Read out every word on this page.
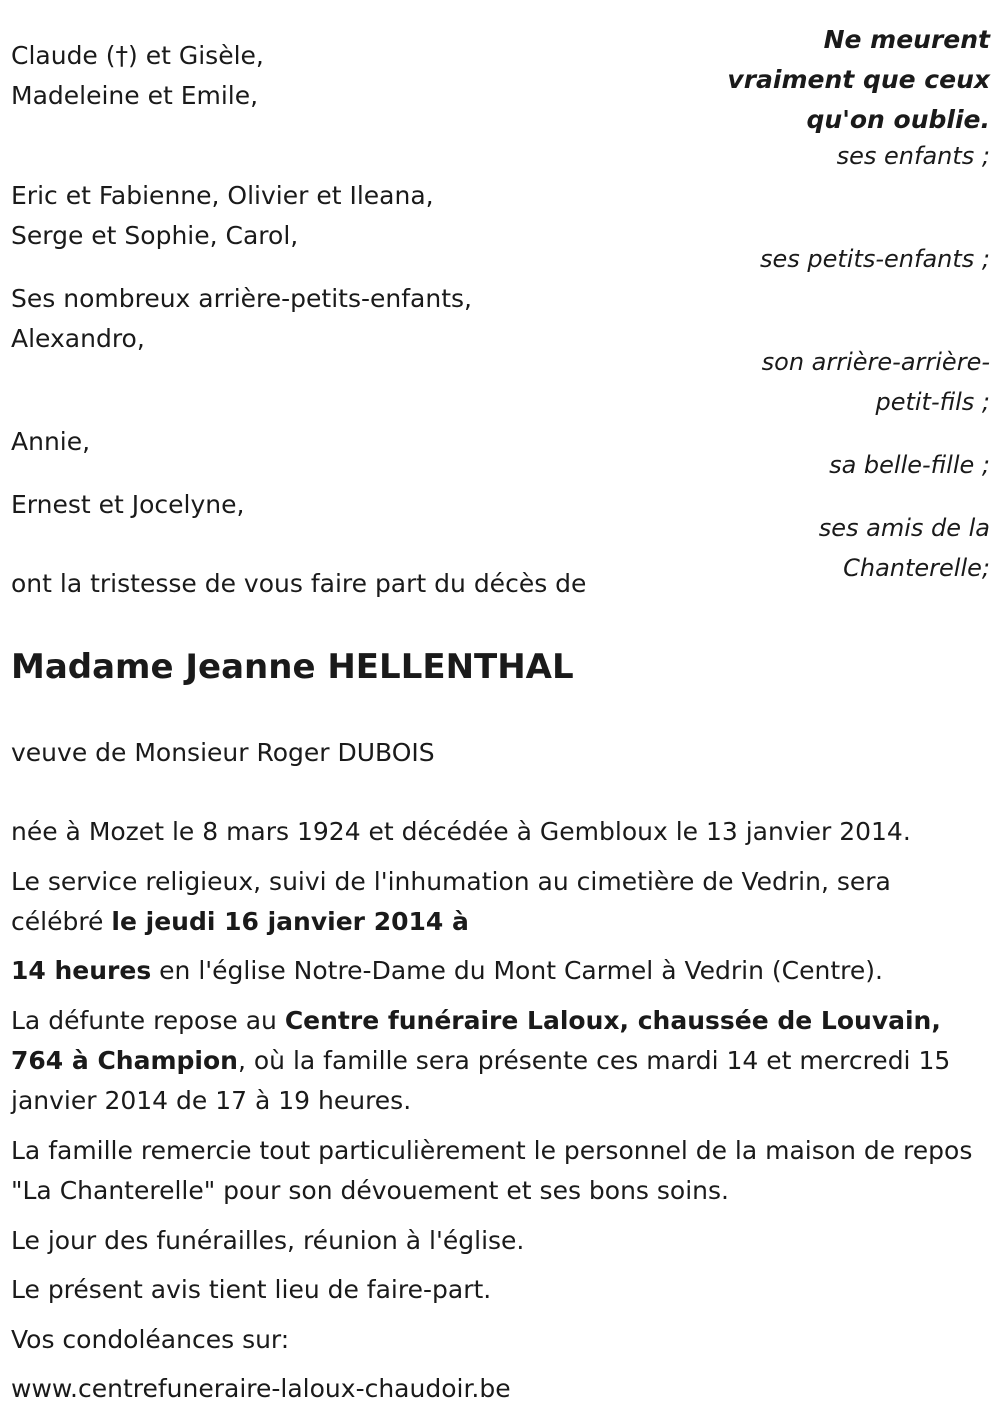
Claude (†) et Gisèle,
Madeleine et Emile,
Eric et Fabienne, Olivier et Ileana,
Serge et Sophie, Carol,
Ses nombreux arrière-petits-enfants,
Alexandro,
Annie,
Ernest et Jocelyne,
ont la tristesse de vous faire part du décès de
Ne meurent
vraiment que ceux
qu'on oublie.
ses enfants ;
ses petits-enfants ;
son arrière-arrière-
petit-fils ;
sa belle-fille ;
ses amis de la
Chanterelle;
Madame Jeanne HELLENTHAL
veuve de Monsieur Roger DUBOIS
née à Mozet le 8 mars 1924 et décédée à Gembloux le 13 janvier 2014.
Le service religieux, suivi de l'inhumation au cimetière de Vedrin, sera célébré le jeudi 16 janvier 2014 à
14 heures en l'église Notre-Dame du Mont Carmel à Vedrin (Centre).
La défunte repose au Centre funéraire Laloux, chaussée de Louvain, 764 à Champion, où la famille sera présente ces mardi 14 et mercredi 15 janvier 2014 de 17 à 19 heures.
La famille remercie tout particulièrement le personnel de la maison de repos "La Chanterelle" pour son dévouement et ses bons soins.
Le jour des funérailles, réunion à l'église.
Le présent avis tient lieu de faire-part.
Vos condoléances sur:
www.centrefuneraire-laloux-chaudoir.be
